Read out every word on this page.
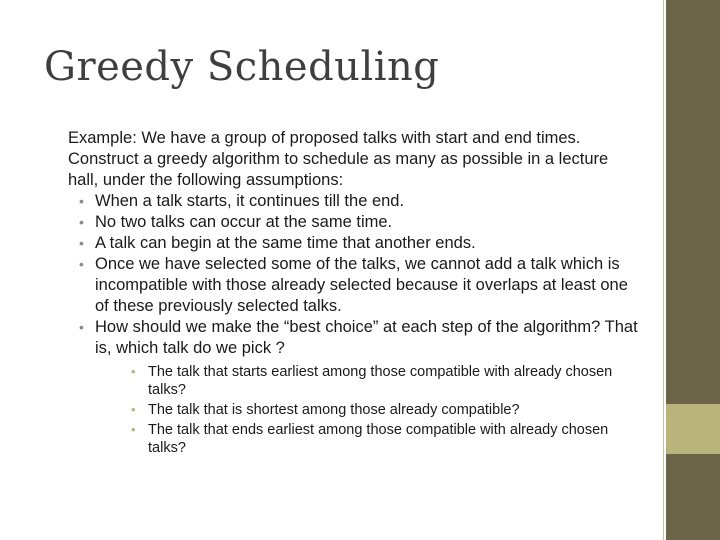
Greedy Scheduling

Example: We have a group of proposed talks with start and end times. Construct a greedy algorithm to schedule as many as possible in a lecture hall, under the following assumptions:

• When a talk starts, it continues till the end.
• No two talks can occur at the same time.
• A talk can begin at the same time that another ends.
• Once we have selected some of the talks, we cannot add a talk which is incompatible with those already selected because it overlaps at least one of these previously selected talks.
• How should we make the “best choice” at each step of the algorithm? That is, which talk do we pick ?
• The talk that starts earliest among those compatible with already chosen talks?
• The talk that is shortest among those already compatible?
• The talk that ends earliest among those compatible with already chosen talks?
